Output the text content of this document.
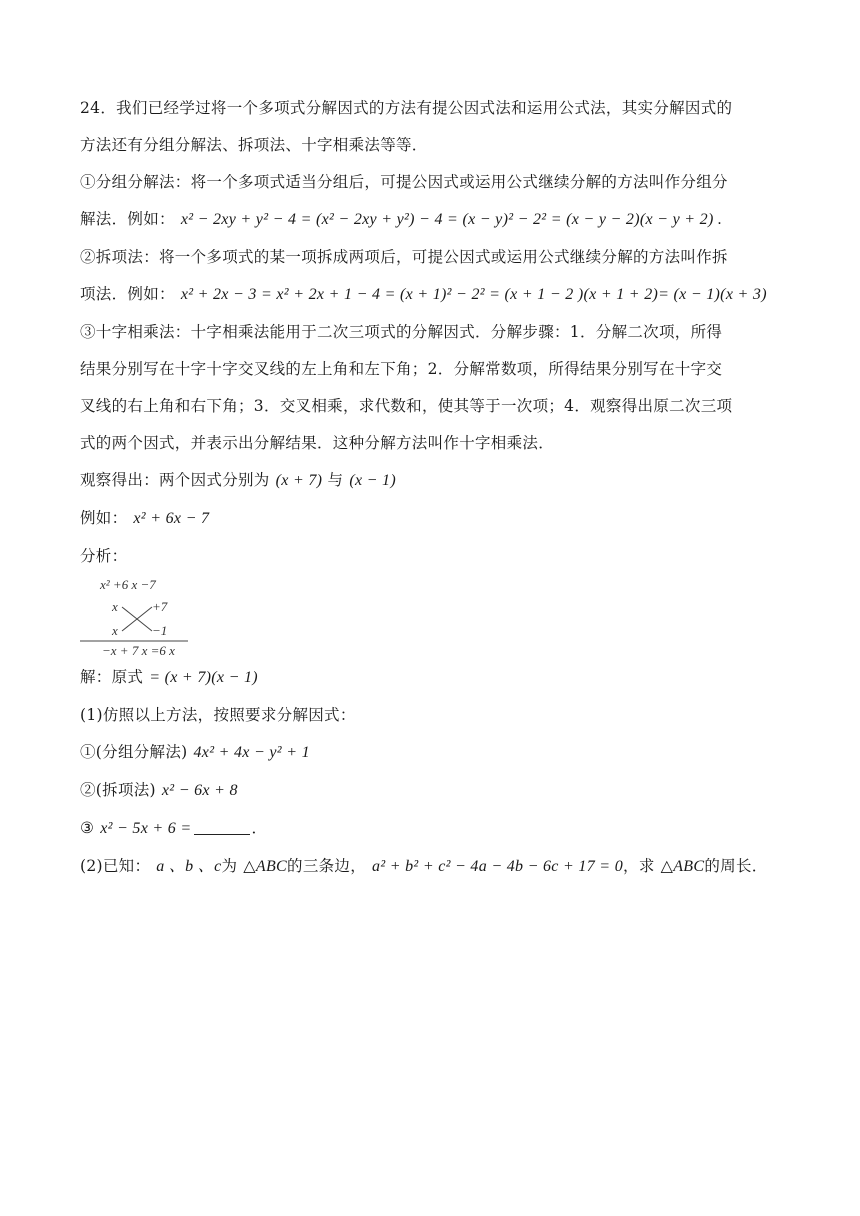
24．我们已经学过将一个多项式分解因式的方法有提公因式法和运用公式法，其实分解因式的
方法还有分组分解法、拆项法、十字相乘法等等．
①分组分解法：将一个多项式适当分组后，可提公因式或运用公式继续分解的方法叫作分组分
解法．例如： x² − 2xy + y² − 4 = (x² − 2xy + y²) − 4 = (x − y)² − 2² = (x − y − 2)(x − y + 2) .
②拆项法：将一个多项式的某一项拆成两项后，可提公因式或运用公式继续分解的方法叫作拆
项法．例如： x² + 2x − 3 = x² + 2x + 1 − 4 = (x + 1)² − 2² = (x + 1 − 2 )(x + 1 + 2)= (x − 1)(x + 3)
③十字相乘法：十字相乘法能用于二次三项式的分解因式．分解步骤：1．分解二次项，所得
结果分别写在十字十字交叉线的左上角和左下角；2．分解常数项，所得结果分别写在十字交
叉线的右上角和右下角；3．交叉相乘，求代数和，使其等于一次项；4．观察得出原二次三项
式的两个因式，并表示出分解结果．这种分解方法叫作十字相乘法．
观察得出：两个因式分别为 (x + 7) 与 (x − 1)
例如： x² + 6x − 7
分析：
x² +6 x −7
x	+7
x	−1
−x + 7 x =6 x
解：原式 = (x + 7)(x − 1)
(1)仿照以上方法，按照要求分解因式：
①(分组分解法) 4x² + 4x − y² + 1
②(拆项法) x² − 6x + 8
③ x² − 5x + 6 =	．
(2)已知： a 、b 、c为 △ABC的三条边， a² + b² + c² − 4a − 4b − 6c + 17 = 0，求 △ABC的周长．
